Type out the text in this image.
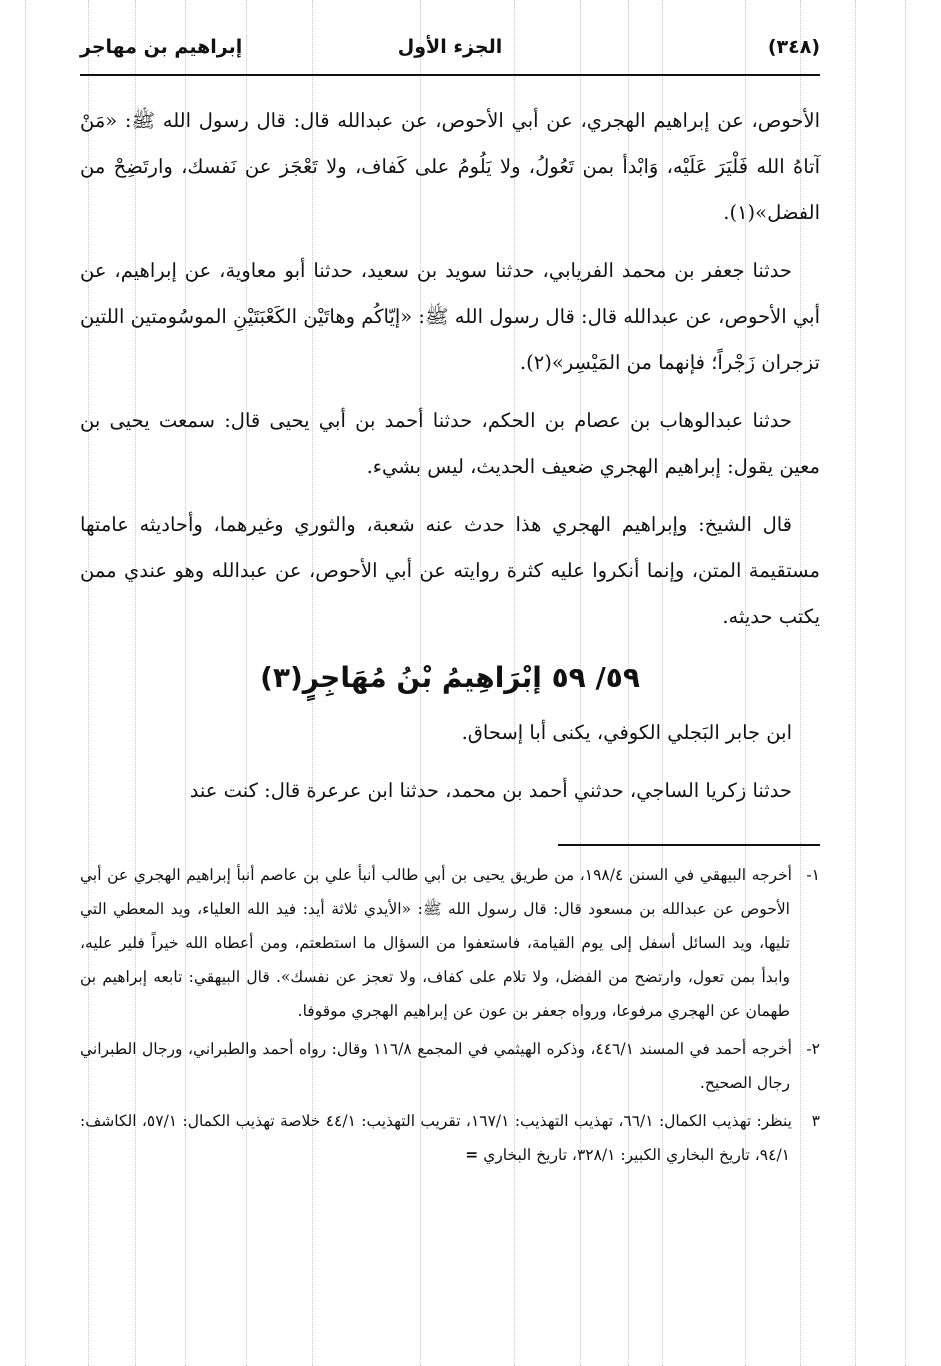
(٣٤٨)
الجزء الأول
إبراهيم بن مهاجر

الأحوص، عن إبراهيم الهجري، عن أبي الأحوص، عن عبدالله قال: قال رسول الله ﷺ: «مَنْ آتاهُ الله فَلْيَرَ عَلَيْه، وَابْدأ بمن تَعُولُ، ولا يَلُومُ على كَفاف، ولا تَعْجَز عن نَفسك، وارتَضِحْ من الفضل»(١).

حدثنا جعفر بن محمد الفريابي، حدثنا سويد بن سعيد، حدثنا أبو معاوية، عن إبراهيم، عن أبي الأحوص، عن عبدالله قال: قال رسول الله ﷺ: «إيّاكُم وهاتَيْن الكَعْبَتَيْنِ الموسُومتين اللتين تزجران زَجْراً؛ فإنهما من المَيْسِر»(٢).

حدثنا عبدالوهاب بن عصام بن الحكم، حدثنا أحمد بن أبي يحيى قال: سمعت يحيى بن معين يقول: إبراهيم الهجري ضعيف الحديث، ليس بشيء.

قال الشيخ: وإبراهيم الهجري هذا حدث عنه شعبة، والثوري وغيرهما، وأحاديثه عامتها مستقيمة المتن، وإنما أنكروا عليه كثرة روايته عن أبي الأحوص، عن عبدالله وهو عندي ممن يكتب حديثه.

٥٩/ ٥٩ إبْرَاهِيمُ بْنُ مُهَاجِرٍ(٣)

ابن جابر البَجلي الكوفي، يكنى أبا إسحاق.

حدثنا زكريا الساجي، حدثني أحمد بن محمد، حدثنا ابن عرعرة قال: كنت عند

١-أخرجه البيهقي في السنن ١٩٨/٤، من طريق يحيى بن أبي طالب أنبأ علي بن عاصم أنبأ إبراهيم الهجري عن أبي الأحوص عن عبدالله بن مسعود قال: قال رسول الله ﷺ: «الأيدي ثلاثة أيد: فيد الله العلياء، ويد المعطي التي تليها، ويد السائل أسفل إلى يوم القيامة، فاستعفوا من السؤال ما استطعتم، ومن أعطاه الله خيراً فلير عليه، وابدأ بمن تعول، وارتضح من الفضل، ولا تلام على كفاف، ولا تعجز عن نفسك». قال البيهقي: تابعه إبراهيم بن طهمان عن الهجري مرفوعا، ورواه جعفر بن عون عن إبراهيم الهجري موقوفا.

٢-أخرجه أحمد في المسند ٤٤٦/١، وذكره الهيثمي في المجمع ١١٦/٨ وقال: رواه أحمد والطبراني، ورجال الطبراني رجال الصحيح.

٣ينظر: تهذيب الكمال: ٦٦/١، تهذيب التهذيب: ١٦٧/١، تقريب التهذيب: ٤٤/١ خلاصة تهذيب الكمال: ٥٧/١، الكاشف: ٩٤/١، تاريخ البخاري الكبير: ٣٢٨/١، تاريخ البخاري =
